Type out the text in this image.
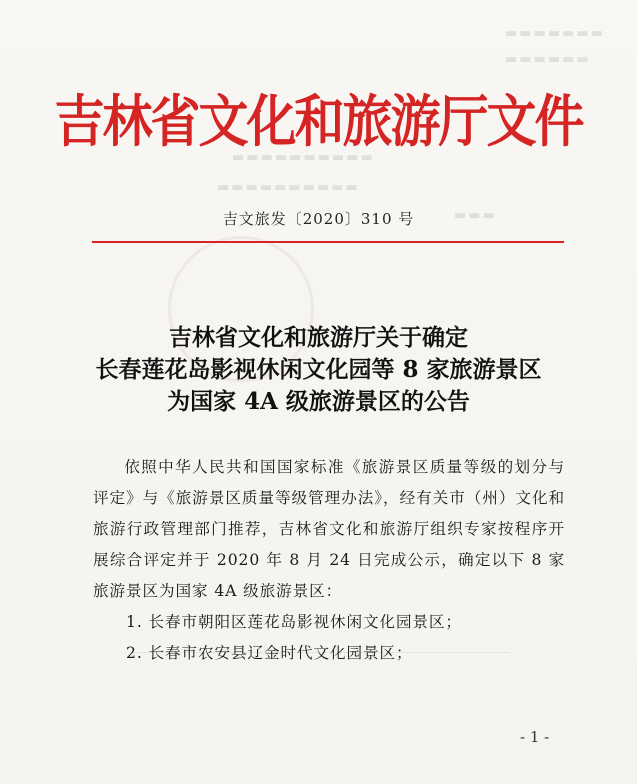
▬▬▬▬▬▬▬
▬▬▬▬▬▬
▬▬▬▬▬▬▬▬▬▬
▬▬▬▬▬▬▬▬▬▬
▬▬▬
吉林省文化和旅游厅文件
吉文旅发〔2020〕310 号
吉林省文化和旅游厅关于确定
长春莲花岛影视休闲文化园等 8 家旅游景区
为国家 4A 级旅游景区的公告
依照中华人民共和国国家标准《旅游景区质量等级的划分与评定》与《旅游景区质量等级管理办法》，经有关市（州）文化和旅游行政管理部门推荐，吉林省文化和旅游厅组织专家按程序开展综合评定并于 2020 年 8 月 24 日完成公示，确定以下 8 家旅游景区为国家 4A 级旅游景区：
1. 长春市朝阳区莲花岛影视休闲文化园景区；
2. 长春市农安县辽金时代文化园景区；
- 1 -
